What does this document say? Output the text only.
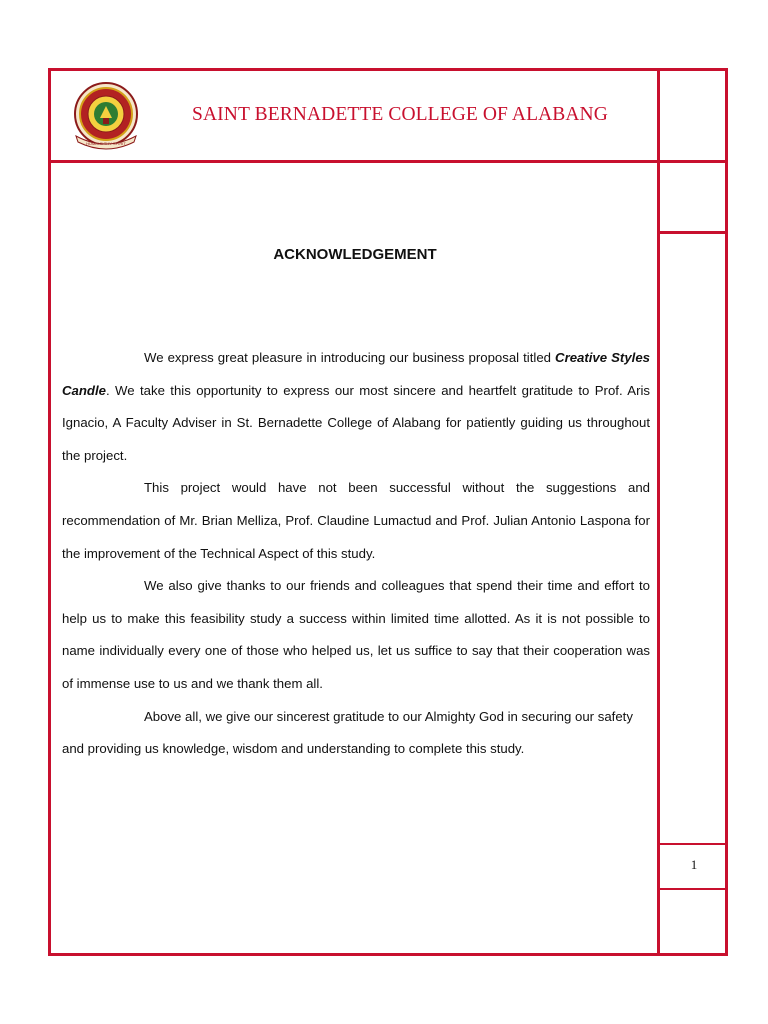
HUMBLE THY SPIRIT
SAINT BERNADETTE COLLEGE OF ALABANG
ACKNOWLEDGEMENT

We express great pleasure in introducing our business proposal titled Creative Styles Candle. We take this opportunity to express our most sincere and heartfelt gratitude to Prof. Aris Ignacio, A Faculty Adviser in St. Bernadette College of Alabang for patiently guiding us throughout the project.

This project would have not been successful without the suggestions and recommendation of Mr. Brian Melliza, Prof. Claudine Lumactud and Prof. Julian Antonio Laspona for the improvement of the Technical Aspect of this study.

We also give thanks to our friends and colleagues that spend their time and effort to help us to make this feasibility study a success within limited time allotted. As it is not possible to name individually every one of those who helped us, let us suffice to say that their cooperation was of immense use to us and we thank them all.

Above all, we give our sincerest gratitude to our Almighty God in securing our safety and providing us knowledge, wisdom and understanding to complete this study.

1
